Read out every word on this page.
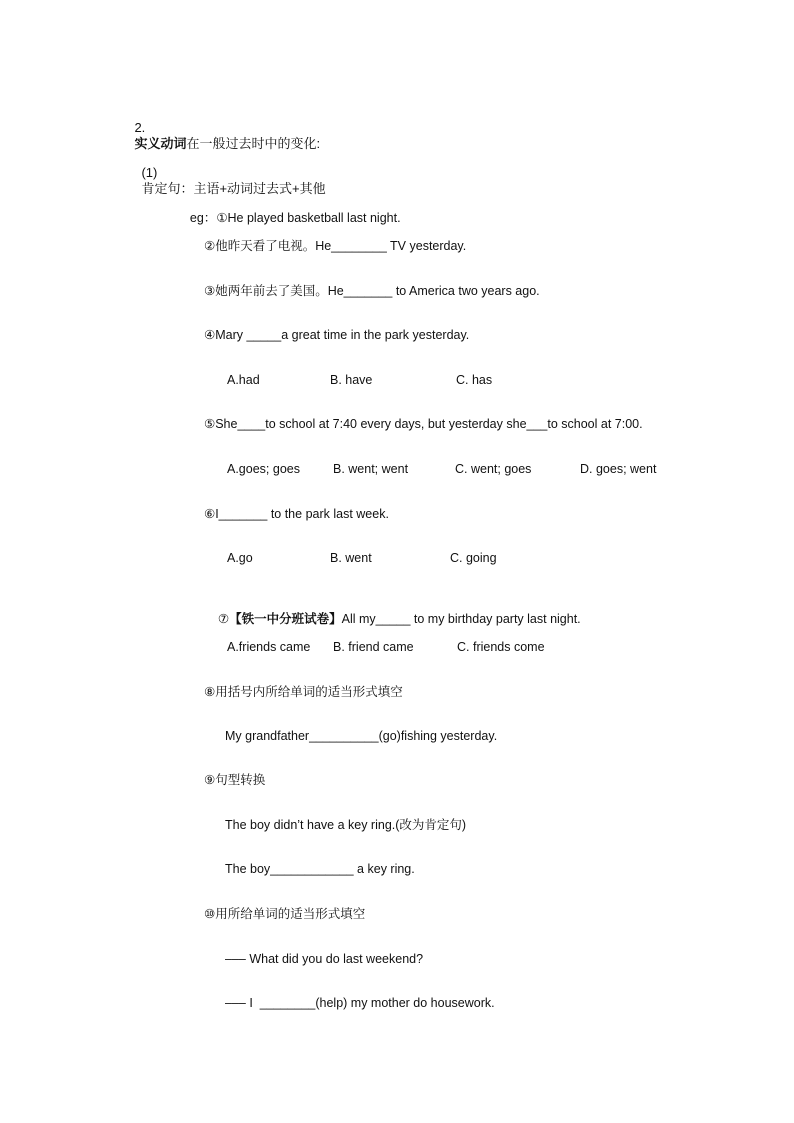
2.
实义动词在一般过去时中的变化:

(1)
肯定句：主语+动词过去式+其他

eg：①He played basketball last night.

②他昨天看了电视。He________ TV yesterday.
③她两年前去了美国。He_______ to America two years ago.
④Mary _____a great time in the park yesterday.
A.had	B. have	C. has
⑤She____to school at 7:40 every days, but yesterday she___to school at 7:00.
A.goes; goes	B. went; went	C. went; goes	D. goes; went
⑥I_______ to the park last week.
A.go	B. went	C. going

⑦【铁一中分班试卷】All my_____ to my birthday party last night.

A.friends came B. friend came	C. friends come
⑧用括号内所给单词的适当形式填空
My grandfather__________(go)fishing yesterday.
⑨句型转换
The boy didn’t have a key ring.(改为肯定句)
The boy____________ a key ring.
⑩用所给单词的适当形式填空
––– What did you do last weekend?
––– I  ________(help) my mother do housework.
